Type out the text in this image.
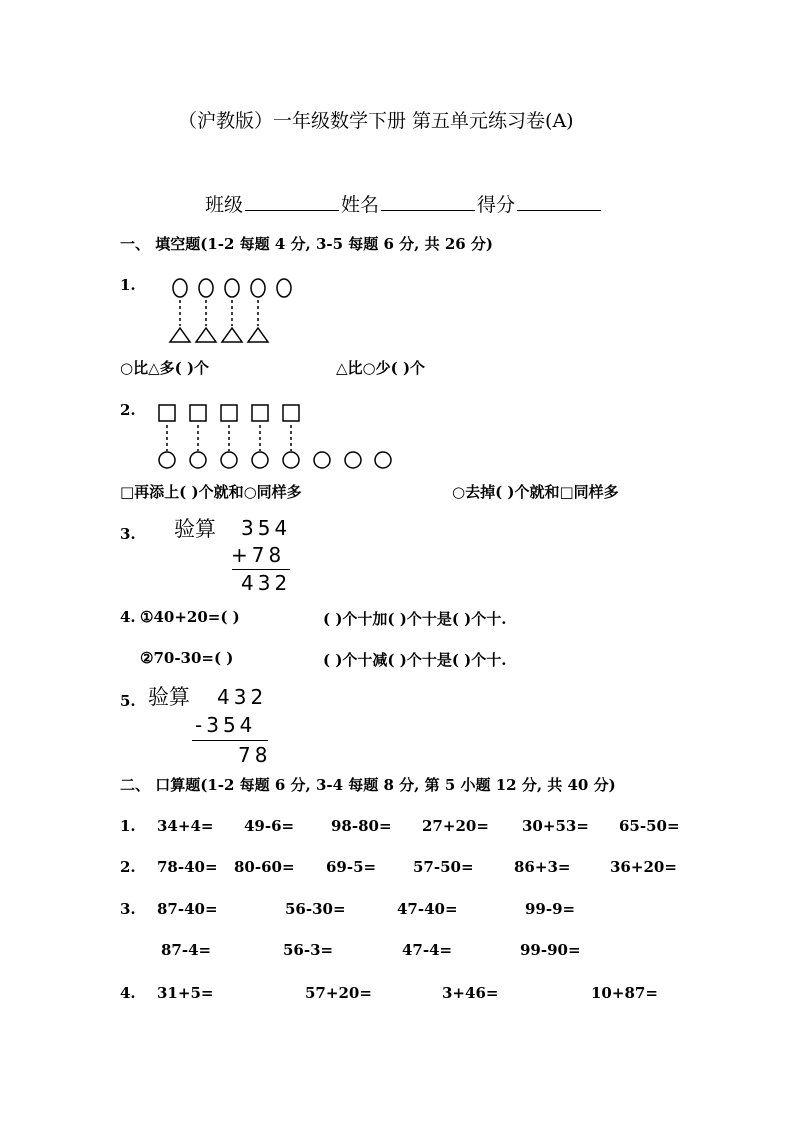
（沪教版）一年级数学下册 第五单元练习卷(A)
班级	姓名	得分
一、 填空题(1-2 每题 4 分, 3-5 每题 6 分, 共 26 分)
1.
○比△多( )个	△比○少( )个
2.
□再添上( )个就和○同样多	○去掉( )个就和□同样多
3. 验算 354
+78
432
4. ①40+20=( )	( )个十加( )个十是( )个十.
②70-30=( )	( )个十减( )个十是( )个十.
5. 验算 432
-354
78
二、 口算题(1-2 每题 6 分, 3-4 每题 8 分, 第 5 小题 12 分, 共 40 分)
1. 34+4= 49-6= 98-80= 27+20= 30+53= 65-50=
2. 78-40= 80-60= 69-5= 57-50=	86+3=	36+20=
3. 87-40=	56-30=	47-40=	99-9=
87-4=	56-3=	47-4=	99-90=
4. 31+5=	57+20=	3+46=	10+87=
